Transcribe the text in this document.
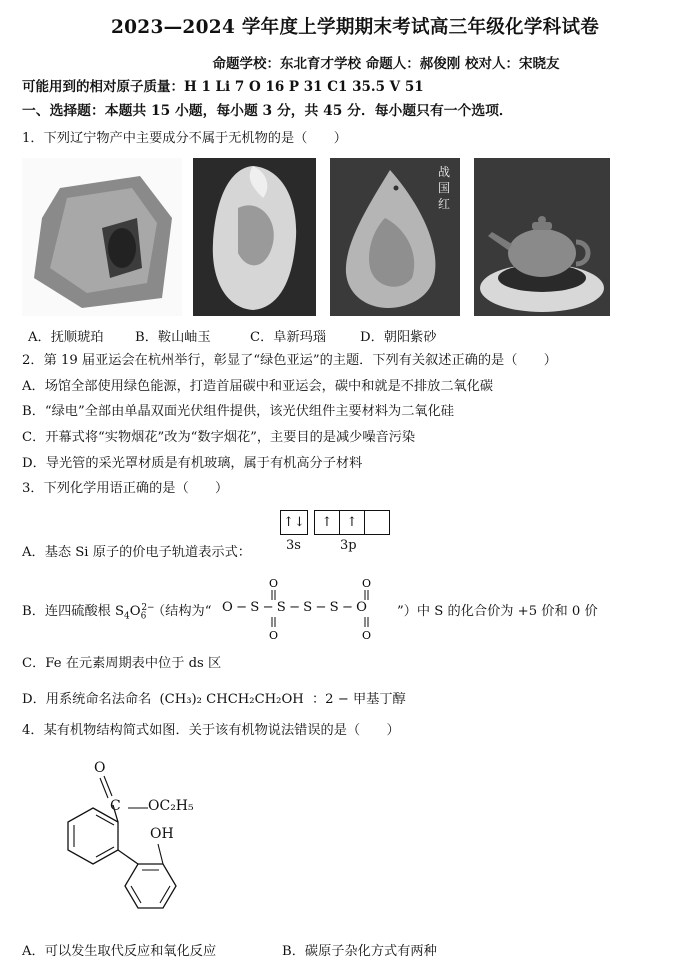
2023—2024 学年度上学期期末考试高三年级化学科试卷
命题学校：东北育才学校 命题人：郝俊刚 校对人：宋晓友
可能用到的相对原子质量：H 1 Li 7 O 16 P 31 C1 35.5 V 51
一、选择题：本题共 15 小题，每小题 3 分，共 45 分．每小题只有一个选项．
1．下列辽宁物产中主要成分不属于无机物的是（　　）
战国红
A．抚顺琥珀 B．鞍山岫玉	C．阜新玛瑙	D．朝阳紫砂
2．第 19 届亚运会在杭州举行，彰显了“绿色亚运”的主题．下列有关叙述正确的是（　　）
A．场馆全部使用绿色能源，打造首届碳中和亚运会，碳中和就是不排放二氧化碳
B．“绿电”全部由单晶双面光伏组件提供，该光伏组件主要材料为二氧化硅
C．开幕式将“实物烟花”改为“数字烟花”，主要目的是减少噪音污染
D．导光管的采光罩材质是有机玻璃，属于有机高分子材料
3．下列化学用语正确的是（　　）
↑↓	↑	↑
3s	3p
A．基态 Si 原子的价电子轨道表示式：
B．连四硫酸根 $S_4O_6^{2-}$
（结构为“ O − S − S − S − S − O
O
O
O
O
”）中 S 的化合价为 +5 价和 0 价
C．Fe 在元素周期表中位于 ds 区
D．用系统命名法命名 (CH₃)₂ CHCH₂CH₂OH ：2 − 甲基丁醇
4．某有机物结构简式如图．关于该有机物说法错误的是（　　）
O
C OC₂H₅
OH
A．可以发生取代反应和氧化反应	B．碳原子杂化方式有两种
